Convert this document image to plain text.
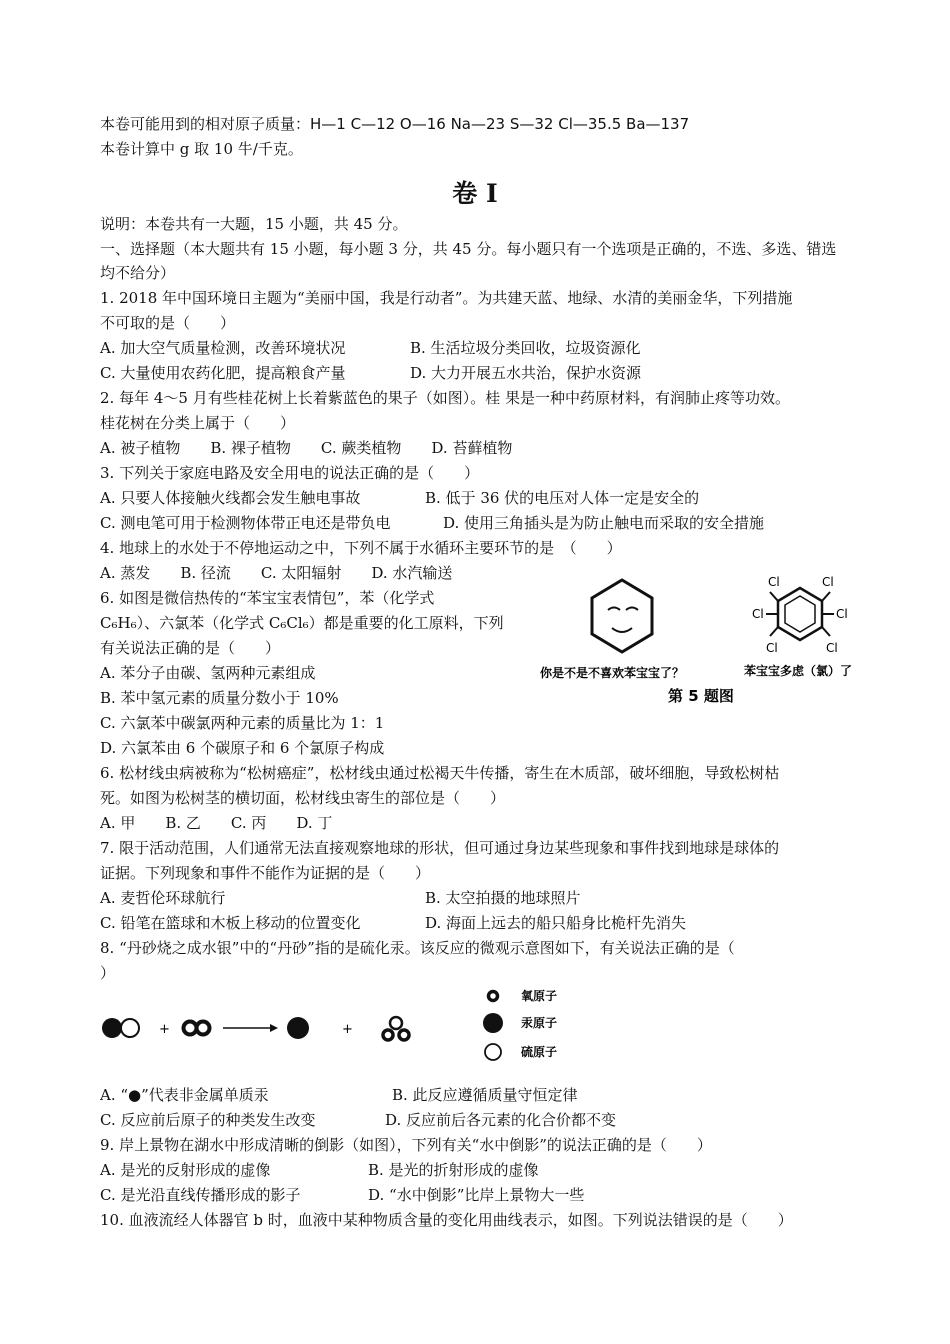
本卷可能用到的相对原子质量：H—1 C—12 O—16 Na—23 S—32 Cl—35.5 Ba—137
本卷计算中 g 取 10 牛/千克。
卷 I
说明：本卷共有一大题，15 小题，共 45 分。
一、选择题（本大题共有 15 小题，每小题 3 分，共 45 分。每小题只有一个选项是正确的，不选、多选、错选
均不给分）
1. 2018 年中国环境日主题为“美丽中国，我是行动者”。为共建天蓝、地绿、水清的美丽金华，下列措施
不可取的是（　　）
A. 加大空气质量检测，改善环境状况	B. 生活垃圾分类回收，垃圾资源化
C. 大量使用农药化肥，提高粮食产量	D. 大力开展五水共治，保护水资源
2. 每年 4～5 月有些桂花树上长着紫蓝色的果子（如图）。桂 果是一种中药原材料，有润肺止疼等功效。
桂花树在分类上属于（　　）
A. 被子植物　　B. 裸子植物　　C. 蕨类植物　　D. 苔藓植物
3. 下列关于家庭电路及安全用电的说法正确的是（　　）
A. 只要人体接触火线都会发生触电事故	B. 低于 36 伏的电压对人体一定是安全的
C. 测电笔可用于检测物体带正电还是带负电	D. 使用三角插头是为防止触电而采取的安全措施
4. 地球上的水处于不停地运动之中，下列不属于水循环主要环节的是　（　　）
A. 蒸发　　B. 径流　　C. 太阳辐射　　D. 水汽输送
6. 如图是微信热传的“苯宝宝表情包”，苯（化学式
C₆H₆）、六氯苯（化学式 C₆Cl₆）都是重要的化工原料，下列
有关说法正确的是（　　）
A. 苯分子由碳、氢两种元素组成
B. 苯中氢元素的质量分数小于 10%
C. 六氯苯中碳氯两种元素的质量比为 1：1
D. 六氯苯由 6 个碳原子和 6 个氯原子构成
你是不是不喜欢苯宝宝了？
Cl	Cl
Cl	Cl
Cl	Cl
苯宝宝多虑（氯）了
第 5 题图
6. 松材线虫病被称为“松树癌症”，松材线虫通过松褐天牛传播，寄生在木质部，破坏细胞，导致松树枯
死。如图为松树茎的横切面，松材线虫寄生的部位是（　　）
A. 甲　　B. 乙　　C. 丙　　D. 丁
7. 限于活动范围，人们通常无法直接观察地球的形状，但可通过身边某些现象和事件找到地球是球体的
证据。下列现象和事件不能作为证据的是（　　）
A. 麦哲伦环球航行	B. 太空拍摄的地球照片
C. 铅笔在篮球和木板上移动的位置变化	D. 海面上远去的船只船身比桅杆先消失
8. “丹砂烧之成水银”中的“丹砂”指的是硫化汞。该反应的微观示意图如下，有关说法正确的是（
）
+	+
氧原子
汞原子
硫原子
A. “●”代表非金属单质汞	B. 此反应遵循质量守恒定律
C. 反应前后原子的种类发生改变	D. 反应前后各元素的化合价都不变
9. 岸上景物在湖水中形成清晰的倒影（如图），下列有关“水中倒影”的说法正确的是（　　）
A. 是光的反射形成的虚像	B. 是光的折射形成的虚像
C. 是光沿直线传播形成的影子	D. “水中倒影”比岸上景物大一些
10. 血液流经人体器官 b 时，血液中某种物质含量的变化用曲线表示，如图。下列说法错误的是（　　）
